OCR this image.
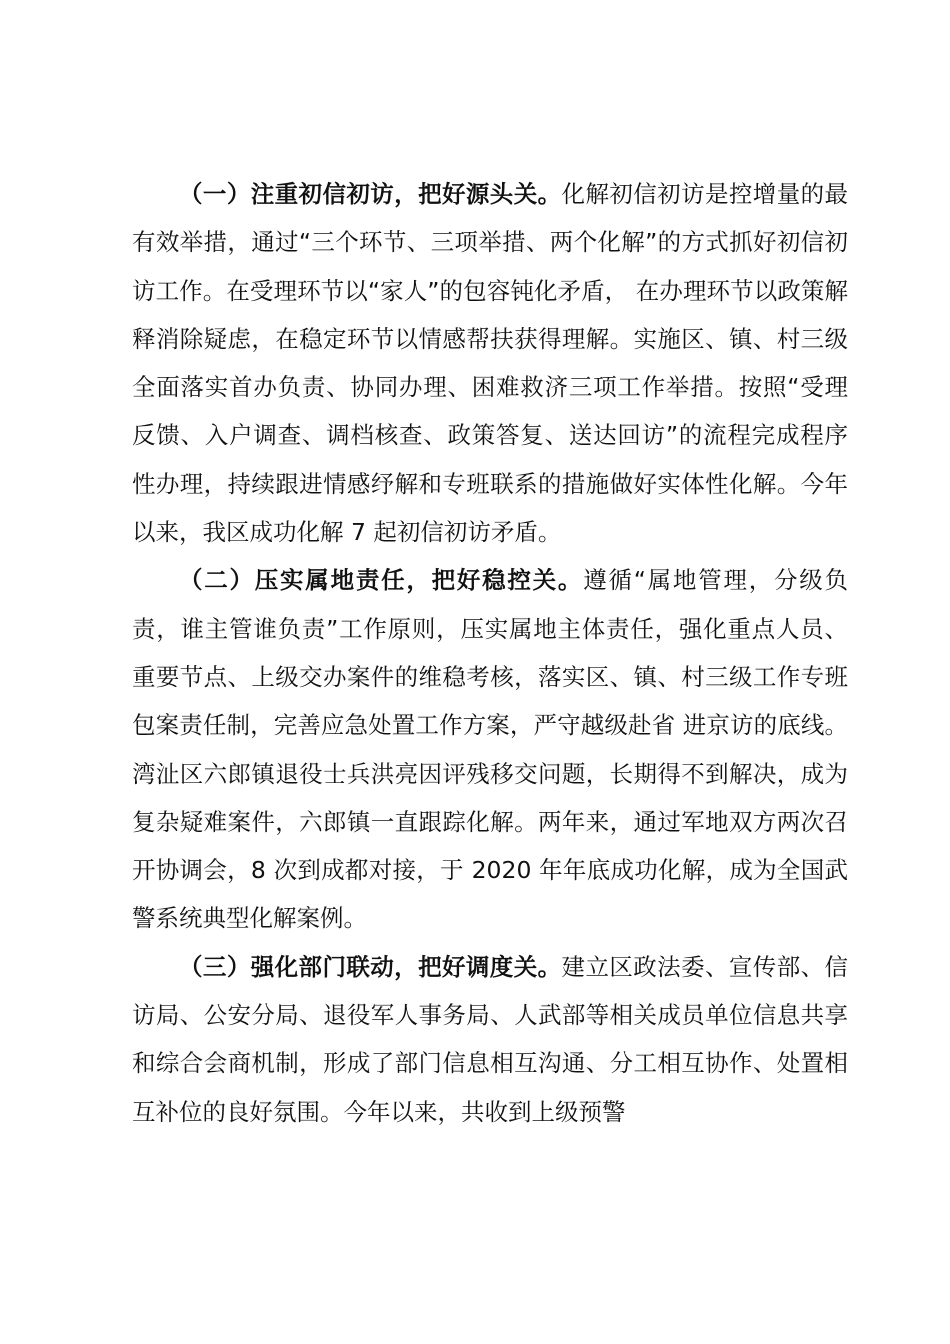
（一）注重初信初访，把好源头关。化解初信初访是控增量的最有效举措，通过“三个环节、三项举措、两个化解”的方式抓好初信初访工作。在受理环节以“家人”的包容钝化矛盾， 在办理环节以政策解释消除疑虑，在稳定环节以情感帮扶获得理解。实施区、镇、村三级全面落实首办负责、协同办理、困难救济三项工作举措。按照“受理反馈、入户调查、调档核查、政策答复、送达回访”的流程完成程序性办理，持续跟进情感纾解和专班联系的措施做好实体性化解。今年以来，我区成功化解 7 起初信初访矛盾。

（二）压实属地责任，把好稳控关。遵循“属地管理，分级负责，谁主管谁负责”工作原则，压实属地主体责任，强化重点人员、重要节点、上级交办案件的维稳考核，落实区、镇、村三级工作专班包案责任制，完善应急处置工作方案，严守越级赴省 进京访的底线。湾沚区六郎镇退役士兵洪亮因评残移交问题，长期得不到解决，成为复杂疑难案件，六郎镇一直跟踪化解。两年来，通过军地双方两次召开协调会，8 次到成都对接，于 2020 年年底成功化解，成为全国武警系统典型化解案例。

（三）强化部门联动，把好调度关。建立区政法委、宣传部、信访局、公安分局、退役军人事务局、人武部等相关成员单位信息共享和综合会商机制，形成了部门信息相互沟通、分工相互协作、处置相互补位的良好氛围。今年以来，共收到上级预警
